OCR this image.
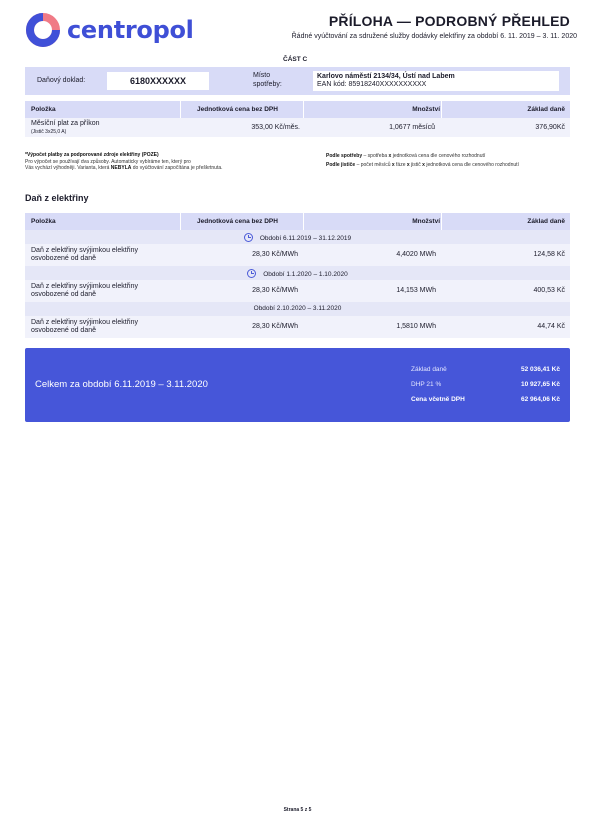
centropol	PŘÍLOHA — PODROBNÝ PŘEHLED
Řádné vyúčtování za sdružené služby dodávky elektřiny za období 6. 11. 2019 – 3. 11. 2020
ČÁST C
Daňový doklad:	6180XXXXXX
Místo
spotřeby:
Karlovo náměstí 2134/34, Ústí nad Labem
EAN kód: 85918240XXXXXXXXXX
Položka	Jednotková cena bez DPH	Množství	Základ daně
Měsíční plat za příkon
(Jistič 3x25,0 A)
353,00 Kč/měs.	1,0677 měsíců	376,90Kč
*Výpočet platby za podporované zdroje elektřiny (POZE)
Pro výpočet se používají dva způsoby. Automaticky vybíráme ten, který pro
Vás vychází výhodněji. Varianta, která NEBYLA do vyúčtování započítána je přeškrtnuta.
Podle spotřeby – spotřeba x jednotková cena dle cenového rozhodnutí
Podle jističe – počet měsíců x fáze x jistič x jednotková cena dle cenového rozhodnutí
Daň z elektřiny
Položka	Jednotková cena bez DPH	Množství	Základ daně
Období 6.11.2019 – 31.12.2019
Daň z elektřiny svýjimkou elektřiny
osvobozené od daně
28,30 Kč/MWh	4,4020 MWh	124,58 Kč
Období 1.1.2020 – 1.10.2020
Daň z elektřiny svýjimkou elektřiny
osvobozené od daně
28,30 Kč/MWh	14,153 MWh	400,53 Kč
Období 2.10.2020 – 3.11.2020
Daň z elektřiny svýjimkou elektřiny
osvobozené od daně
28,30 Kč/MWh	1,5810 MWh	44,74 Kč
Celkem za období 6.11.2019 – 3.11.2020
Základ daně	52 036,41 Kč
DHP 21 %	10 927,65 Kč
Cena včetně DPH	62 964,06 Kč
Strana 5 z 5
